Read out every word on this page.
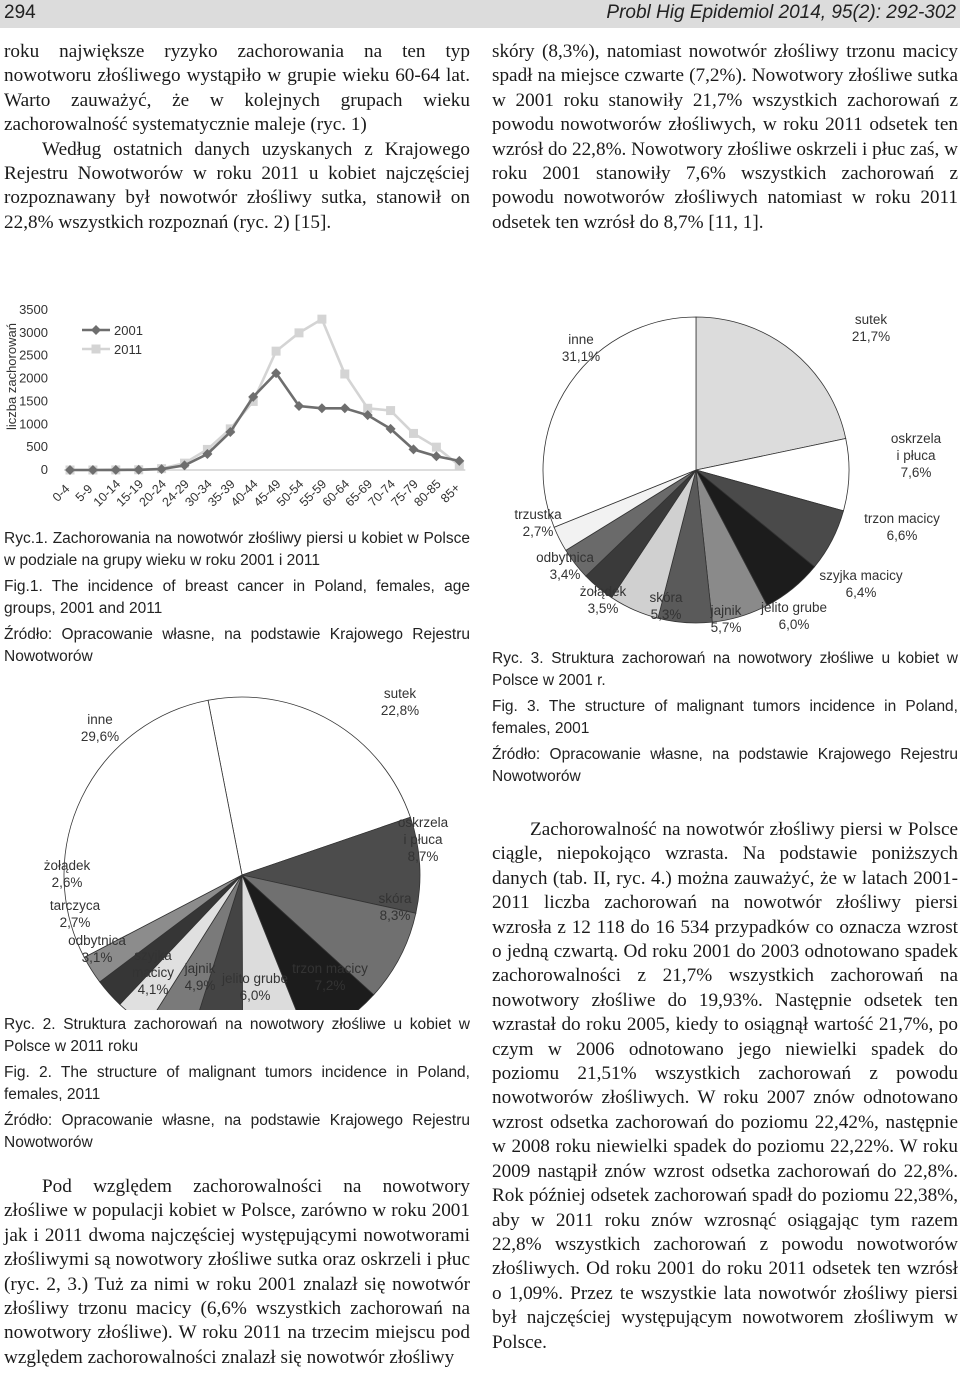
294	Probl Hig Epidemiol 2014, 95(2): 292-302

roku największe ryzyko zachorowania na ten typ nowotworu złośliwego wystąpiło w grupie wieku 60-64 lat. Warto zauważyć, że w kolejnych grupach wieku zachorowalność systematycznie maleje (ryc. 1)

Według ostatnich danych uzyskanych z Krajowego Rejestru Nowotworów w roku 2011 u kobiet najczęściej rozpoznawany był nowotwór złośliwy sutka, stanowił on 22,8% wszystkich rozpoznań (ryc. 2) [15].

skóry (8,3%), natomiast nowotwór złośliwy trzonu macicy spadł na miejsce czwarte (7,2%). Nowotwory złośliwe sutka w 2001 roku stanowiły 21,7% wszystkich zachorowań z powodu nowotworów złośliwych, w roku 2011 odsetek ten wzrósł do 22,8%. Nowotwory złośliwe oskrzeli i płuc zaś, w roku 2001 stanowiły 7,6% wszystkich zachorowań z powodu nowotworów złośliwych natomiast w roku 2011 odsetek ten wzrósł do 8,7% [11, 1].

0
500
1000
1500
2000
2500
3000
3500
liczba zachorowań
0-4 5-9
10-14
15-19
20-24
24-29
30-34
35-39
40-44
45-49
50-54
55-59
60-64
65-69
70-74
75-79
80-85
85+
2001
2011

Ryc.1. Zachorowania na nowotwór złośliwy piersi u kobiet w Polsce w podziale na grupy wieku w roku 2001 i 2011

Fig.1. The incidence of breast cancer in Poland, females, age groups, 2001 and 2011

Źródło: Opracowanie własne, na podstawie Krajowego Rejestru Nowotworów

sutek
22,8%
oskrzela
i płuca
8,7%
skóra
8,3%
trzon macicy
7,2%
jelito grube
6,0%
jajnik
4,9%
szyjka
macicy
4,1%
odbytnica
3,1%
tarczyca
2,7%
żołądek
2,6%
inne
29,6%

Ryc. 2. Struktura zachorowań na nowotwory złośliwe u kobiet w Polsce w 2011 roku

Fig. 2. The structure of malignant tumors incidence in Poland, females, 2011

Źródło: Opracowanie własne, na podstawie Krajowego Rejestru Nowotworów

Pod względem zachorowalności na nowotwory złośliwe w populacji kobiet w Polsce, zarówno w roku 2001 jak i 2011 dwoma najczęściej występującymi nowotworami złośliwymi są nowotwory złośliwe sutka oraz oskrzeli i płuc (ryc. 2, 3.) Tuż za nimi w roku 2001 znalazł się nowotwór złośliwy trzonu macicy (6,6% wszystkich zachorowań na nowotwory złośliwe). W roku 2011 na trzecim miejscu pod względem zachorowalności znalazł się nowotwór złośliwy

sutek
21,7%
oskrzela
i płuca
7,6%
trzon macicy
6,6%
szyjka macicy
6,4%
jelito grube
6,0%
jajnik
5,7%
skóra
5,3%
żołądek
3,5%
odbytnica
3,4%
trzustka
2,7%
inne
31,1%

Ryc. 3. Struktura zachorowań na nowotwory złośliwe u kobiet w Polsce w 2001 r.

Fig. 3. The structure of malignant tumors incidence in Poland, females, 2001

Źródło: Opracowanie własne, na podstawie Krajowego Rejestru Nowotworów

Zachorowalność na nowotwór złośliwy piersi w Polsce ciągle, niepokojąco wzrasta. Na podstawie poniższych danych (tab. II, ryc. 4.) można zauważyć, że w latach 2001-2011 liczba zachorowań na nowotwór złośliwy piersi wzrosła z 12 118 do 16 534 przypadków co oznacza wzrost o jedną czwartą. Od roku 2001 do 2003 odnotowano spadek zachorowalności z 21,7% wszystkich zachorowań na nowotwory złośliwe do 19,93%. Następnie odsetek ten wzrastał do roku 2005, kiedy to osiągnął wartość 21,7%, po czym w 2006 odnotowano jego niewielki spadek do poziomu 21,51% wszystkich zachorowań z powodu nowotworów złośliwych. W roku 2007 znów odnotowano wzrost odsetka zachorowań do poziomu 22,42%, następnie w 2008 roku niewielki spadek do poziomu 22,22%. W roku 2009 nastąpił znów wzrost odsetka zachorowań do 22,8%. Rok później odsetek zachorowań spadł do poziomu 22,38%, aby w 2011 roku znów wzrosnąć osiągając tym razem 22,8% wszystkich zachorowań z powodu nowotworów złośliwych. Od roku 2001 do roku 2011 odsetek ten wzrósł o 1,09%. Przez te wszystkie lata nowotwór złośliwy piersi był najczęściej występującym nowotworem złośliwym w Polsce.
